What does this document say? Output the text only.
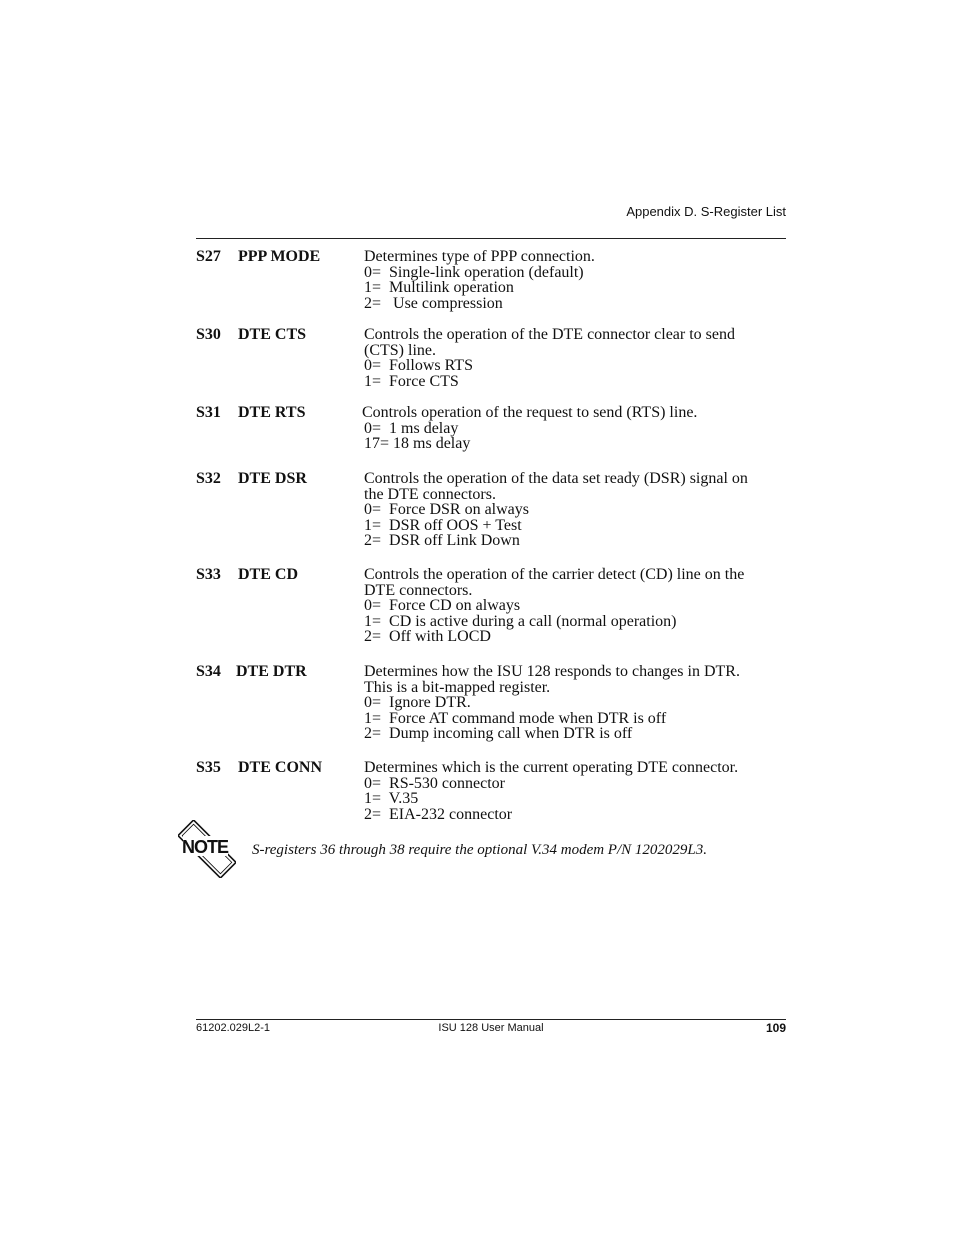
Appendix D. S-Register List
S27 PPP MODE	Determines type of PPP connection.
0=  Single-link operation (default)
1=  Multilink operation
2=   Use compression
S30 DTE CTS	Controls the operation of the DTE connector clear to send
(CTS) line.
0=  Follows RTS
1=  Force CTS
S31 DTE RTS	Controls operation of the request to send (RTS) line.
0=  1 ms delay
17= 18 ms delay
S32 DTE DSR	Controls the operation of the data set ready (DSR) signal on
the DTE connectors.
0=  Force DSR on always
1=  DSR off OOS + Test
2=  DSR off Link Down
S33 DTE CD	Controls the operation of the carrier detect (CD) line on the
DTE connectors.
0=  Force CD on always
1=  CD is active during a call (normal operation)
2=  Off with LOCD
S34 DTE DTR	Determines how the ISU 128 responds to changes in DTR.
This is a bit-mapped register.
0=  Ignore DTR.
1=  Force AT command mode when DTR is off
2=  Dump incoming call when DTR is off
S35 DTE CONN	Determines which is the current operating DTE connector.
0=  RS-530 connector
1=  V.35
2=  EIA-232 connector
NOTE S-registers 36 through 38 require the optional V.34 modem P/N 1202029L3.
61202.029L2-1	ISU 128 User Manual	109
